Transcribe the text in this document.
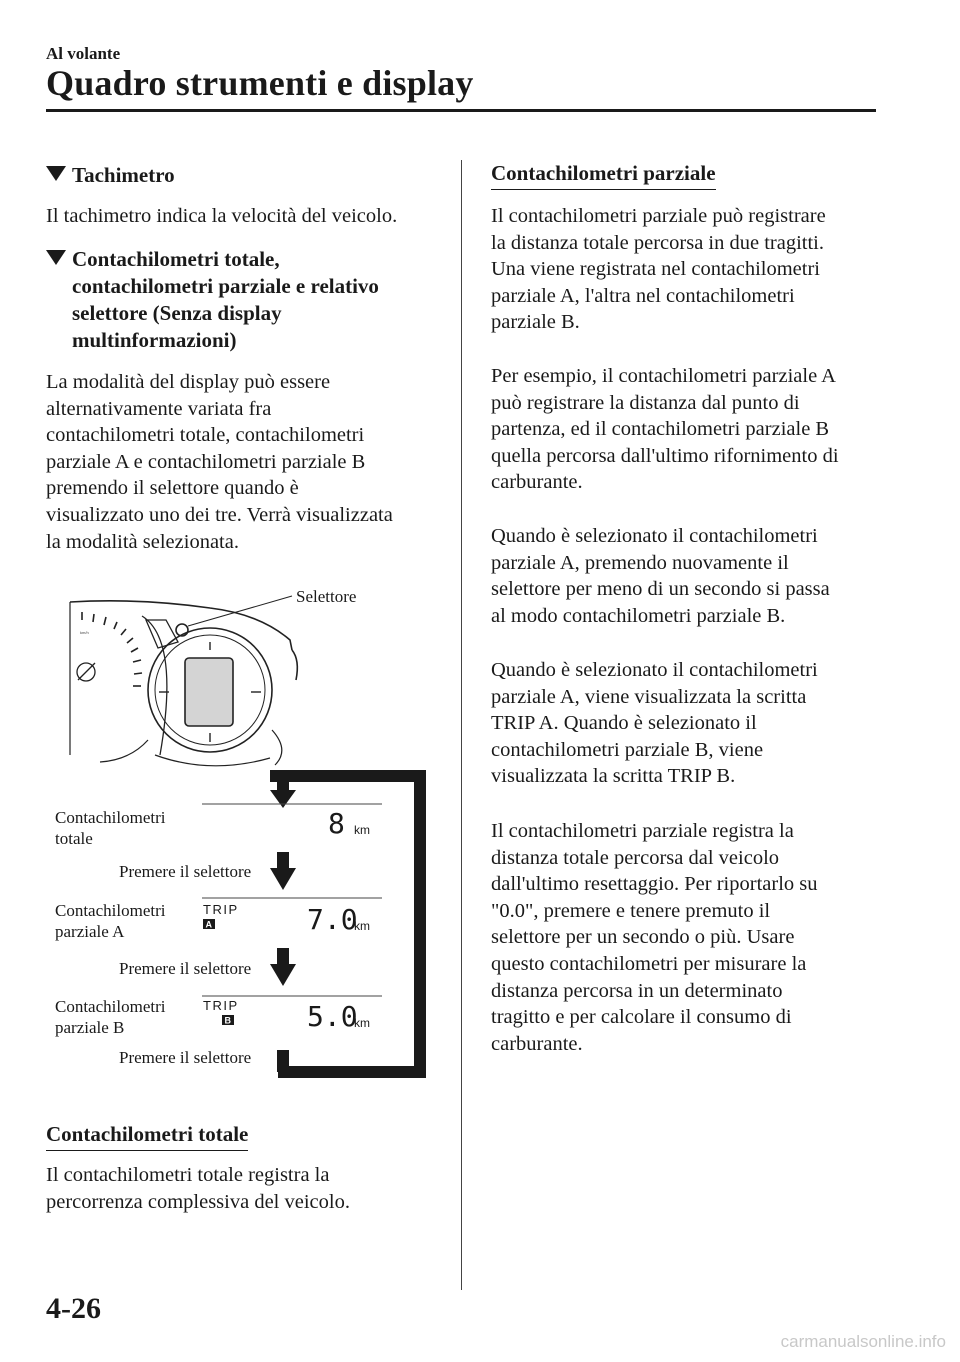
Al volante
Quadro strumenti e display
Tachimetro
Il tachimetro indica la velocità del veicolo.
Contachilometri totale,
contachilometri parziale e relativo
selettore (Senza display
multinformazioni)
La modalità del display può essere
alternativamente variata fra
contachilometri totale, contachilometri
parziale A e contachilometri parziale B
premendo il selettore quando è
visualizzato uno dei tre. Verrà visualizzata
la modalità selezionata.
Selettore
km/h
Contachilometri
totale
Premere il selettore
Contachilometri
parziale A
Premere il selettore
Contachilometri
parziale B
Premere il selettore
8 km
TRIP
A	7.0
km
TRIP
B	5.0
km
Contachilometri totale
Il contachilometri totale registra la
percorrenza complessiva del veicolo.
Contachilometri parziale
Il contachilometri parziale può registrare
la distanza totale percorsa in due tragitti.
Una viene registrata nel contachilometri
parziale A, l'altra nel contachilometri
parziale B.
Per esempio, il contachilometri parziale A
può registrare la distanza dal punto di
partenza, ed il contachilometri parziale B
quella percorsa dall'ultimo rifornimento di
carburante.
Quando è selezionato il contachilometri
parziale A, premendo nuovamente il
selettore per meno di un secondo si passa
al modo contachilometri parziale B.
Quando è selezionato il contachilometri
parziale A, viene visualizzata la scritta
TRIP A. Quando è selezionato il
contachilometri parziale B, viene
visualizzata la scritta TRIP B.
Il contachilometri parziale registra la
distanza totale percorsa dal veicolo
dall'ultimo resettaggio. Per riportarlo su
"0.0", premere e tenere premuto il
selettore per un secondo o più. Usare
questo contachilometri per misurare la
distanza percorsa in un determinato
tragitto e per calcolare il consumo di
carburante.
4-26
carmanualsonline.info
